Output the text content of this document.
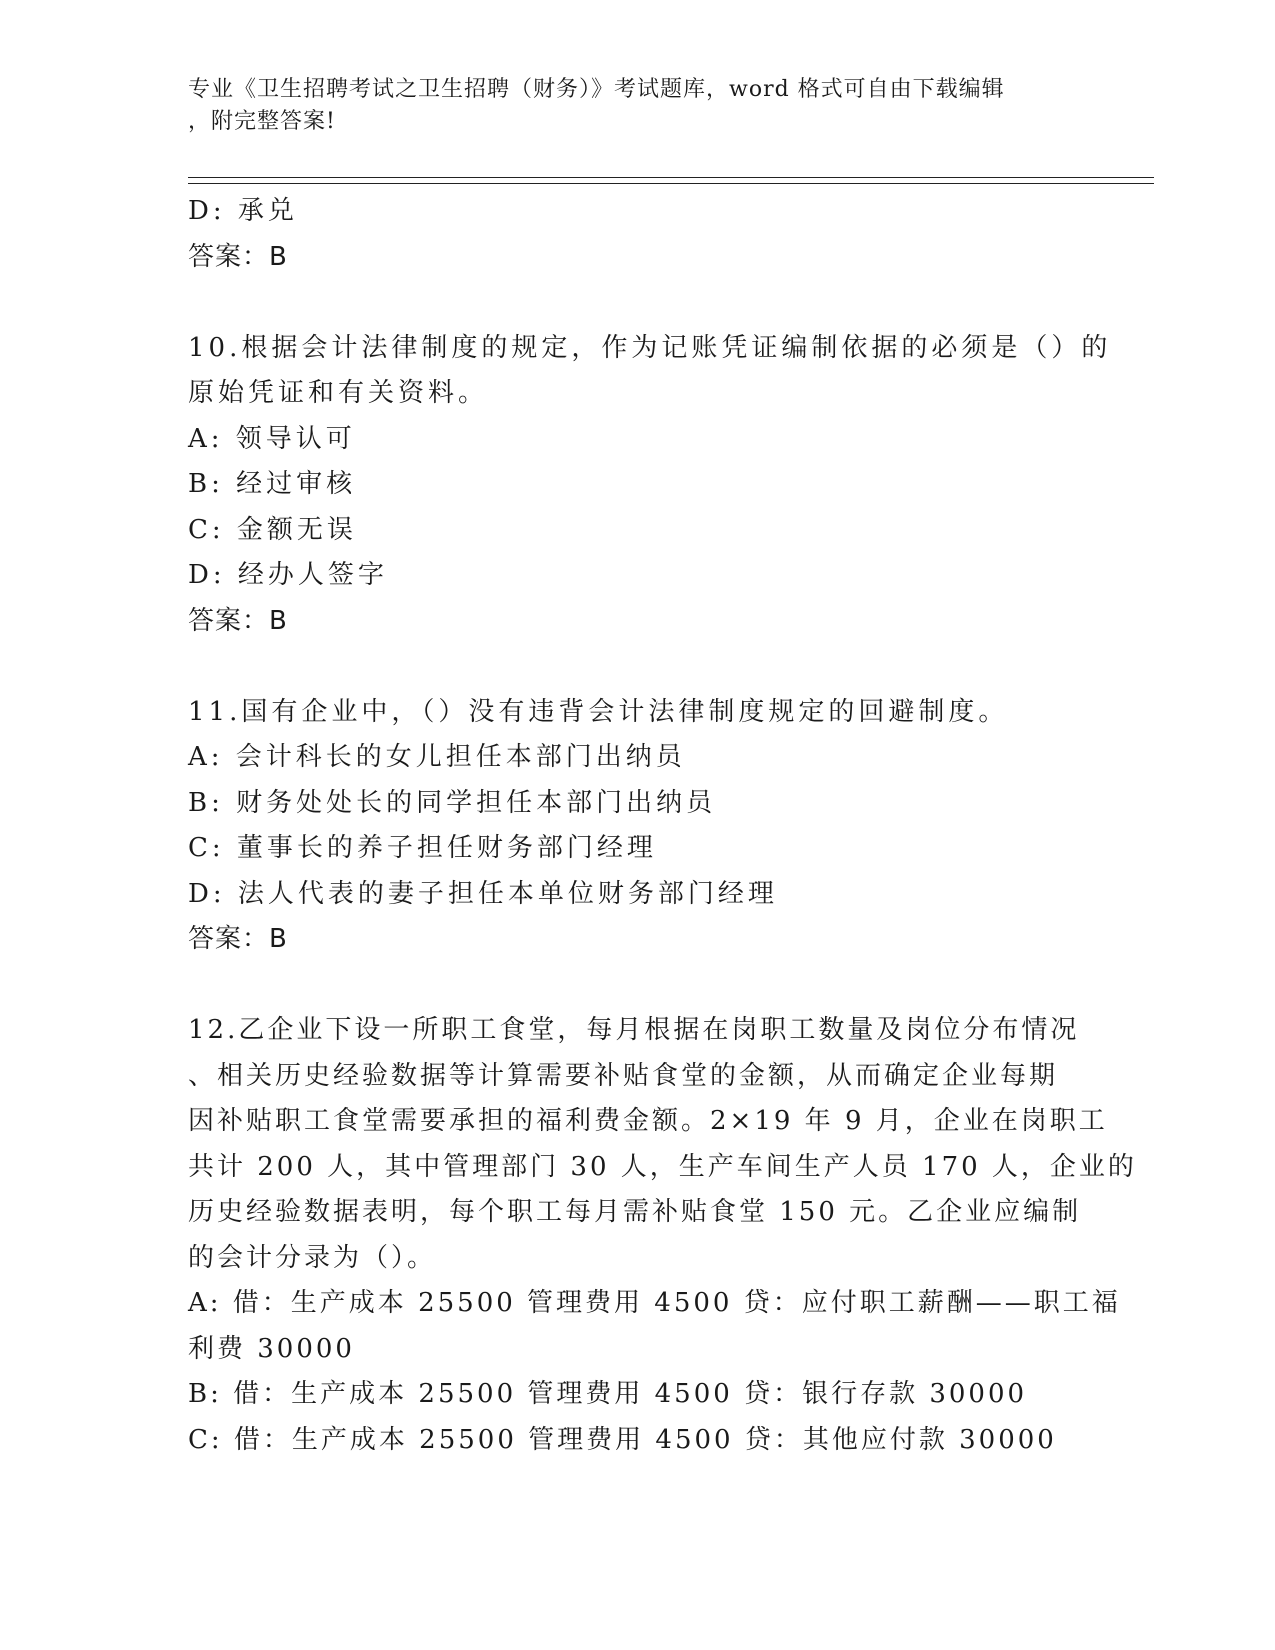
专业《卫生招聘考试之卫生招聘（财务）》考试题库，word 格式可自由下载编辑
，附完整答案!
D: 承兑
答案：B
10.根据会计法律制度的规定，作为记账凭证编制依据的必须是（）的
原始凭证和有关资料。
A: 领导认可
B: 经过审核
C: 金额无误
D: 经办人签字
答案：B
11.国有企业中，（）没有违背会计法律制度规定的回避制度。
A: 会计科长的女儿担任本部门出纳员
B: 财务处处长的同学担任本部门出纳员
C: 董事长的养子担任财务部门经理
D: 法人代表的妻子担任本单位财务部门经理
答案：B
12.乙企业下设一所职工食堂，每月根据在岗职工数量及岗位分布情况
、相关历史经验数据等计算需要补贴食堂的金额，从而确定企业每期
因补贴职工食堂需要承担的福利费金额。2×19 年 9 月，企业在岗职工
共计 200 人，其中管理部门 30 人，生产车间生产人员 170 人，企业的
历史经验数据表明，每个职工每月需补贴食堂 150 元。乙企业应编制
的会计分录为（）。
A: 借：生产成本 25500 管理费用 4500 贷：应付职工薪酬——职工福
利费 30000
B: 借：生产成本 25500 管理费用 4500 贷：银行存款 30000
C: 借：生产成本 25500 管理费用 4500 贷：其他应付款 30000
